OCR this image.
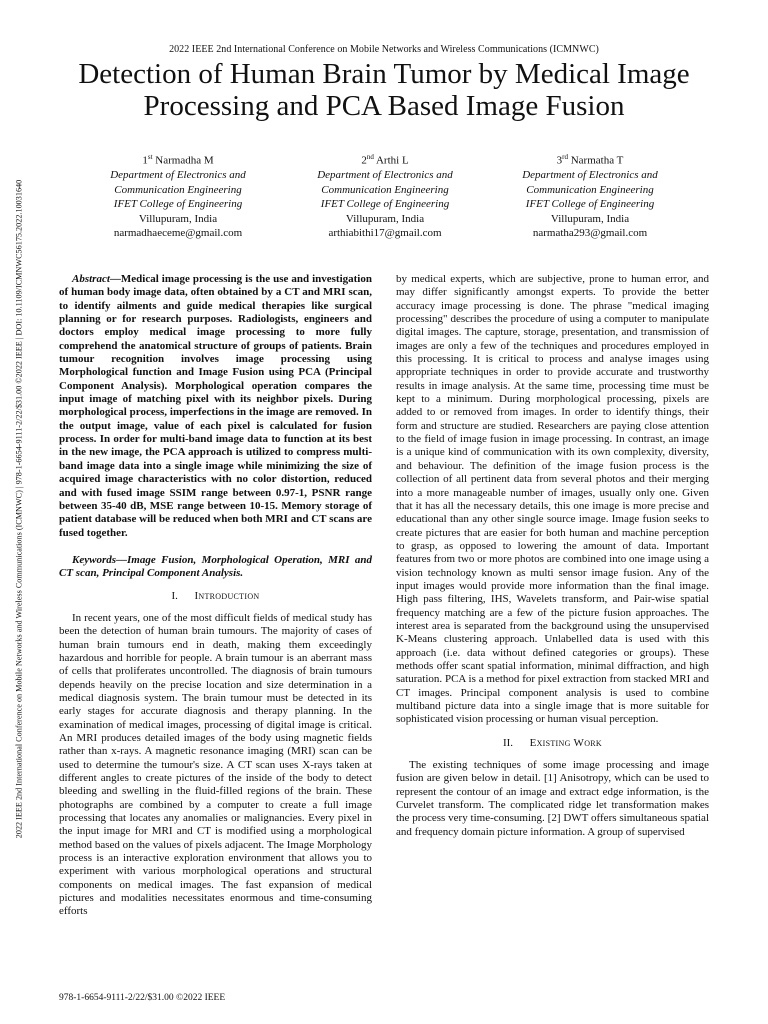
2022 IEEE 2nd International Conference on Mobile Networks and Wireless Communications (ICMNWC)
Detection of Human Brain Tumor by Medical Image Processing and PCA Based Image Fusion
2022 IEEE 2nd International Conference on Mobile Networks and Wireless Communications (ICMNWC) | 978-1-6654-9111-2/22/$31.00 ©2022 IEEE | DOI: 10.1109/ICMNWC56175.2022.10031640
1st Narmadha M
Department of Electronics and
Communication Engineering
IFET College of Engineering
Villupuram, India
narmadhaeceme@gmail.com
2nd Arthi L
Department of Electronics and
Communication Engineering
IFET College of Engineering
Villupuram, India
arthiabithi17@gmail.com
3rd Narmatha T
Department of Electronics and
Communication Engineering
IFET College of Engineering
Villupuram, India
narmatha293@gmail.com

Abstract—Medical image processing is the use and investigation of human body image data, often obtained by a CT and MRI scan, to identify ailments and guide medical therapies like surgical planning or for research purposes. Radiologists, engineers and doctors employ medical image processing to more fully comprehend the anatomical structure of groups of patients. Brain tumour recognition involves image processing using Morphological function and Image Fusion using PCA (Principal Component Analysis). Morphological operation compares the input image of matching pixel with its neighbor pixels. During morphological process, imperfections in the image are removed. In the output image, value of each pixel is calculated for fusion process. In order for multi-band image data to function at its best in the new image, the PCA approach is utilized to compress multi-band image data into a single image while minimizing the size of acquired image characteristics with no color distortion, reduced and with fused image SSIM range between 0.97-1, PSNR range between 35-40 dB, MSE range between 10-15. Memory storage of patient database will be reduced when both MRI and CT scans are fused together.

Keywords—Image Fusion, Morphological Operation, MRI and CT scan, Principal Component Analysis.

I. Introduction

In recent years, one of the most difficult fields of medical study has been the detection of human brain tumours. The majority of cases of human brain tumours end in death, making them exceedingly hazardous and horrible for people. A brain tumour is an aberrant mass of cells that proliferates uncontrolled. The diagnosis of brain tumours depends heavily on the precise location and size determination in a medical diagnosis system. The brain tumour must be detected in its early stages for accurate diagnosis and therapy planning. In the examination of medical images, processing of digital image is critical. An MRI produces detailed images of the body using magnetic fields rather than x-rays. A magnetic resonance imaging (MRI) scan can be used to determine the tumour's size. A CT scan uses X-rays taken at different angles to create pictures of the inside of the body to detect bleeding and swelling in the fluid-filled regions of the brain. These photographs are combined by a computer to create a full image processing that locates any anomalies or malignancies. Every pixel in the input image for MRI and CT is modified using a morphological method based on the values of pixels adjacent. The Image Morphology process is an interactive exploration environment that allows you to experiment with various morphological operations and structural components on medical images. The fast expansion of medical pictures and modalities necessitates enormous and time-consuming efforts

by medical experts, which are subjective, prone to human error, and may differ significantly amongst experts. To provide the better accuracy image processing is done. The phrase "medical imaging processing" describes the procedure of using a computer to manipulate digital images. The capture, storage, presentation, and transmission of images are only a few of the techniques and procedures employed in this processing. It is critical to process and analyse images using appropriate techniques in order to provide accurate and trustworthy results in image analysis. At the same time, processing time must be kept to a minimum. During morphological processing, pixels are added to or removed from images. In order to identify things, their form and structure are studied. Researchers are paying close attention to the field of image fusion in image processing. In contrast, an image is a unique kind of communication with its own complexity, diversity, and behaviour. The definition of the image fusion process is the collection of all pertinent data from several photos and their merging into a more manageable number of images, usually only one. Given that it has all the necessary details, this one image is more precise and educational than any other single source image. Image fusion seeks to create pictures that are easier for both human and machine perception to grasp, as opposed to lowering the amount of data. Important features from two or more photos are combined into one image using a vision technology known as multi sensor image fusion. Any of the input images would provide more information than the final image. High pass filtering, IHS, Wavelets transform, and Pair-wise spatial frequency matching are a few of the picture fusion approaches. The interest area is separated from the background using the unsupervised K-Means clustering approach. Unlabelled data is used with this approach (i.e. data without defined categories or groups). These methods offer scant spatial information, minimal diffraction, and high saturation. PCA is a method for pixel extraction from stacked MRI and CT images. Principal component analysis is used to combine multiband picture data into a single image that is more suitable for sophisticated vision processing or human visual perception.

II. Existing Work

The existing techniques of some image processing and image fusion are given below in detail. [1] Anisotropy, which can be used to represent the contour of an image and extract edge information, is the Curvelet transform. The complicated ridge let transformation makes the process very time-consuming. [2] DWT offers simultaneous spatial and frequency domain picture information. A group of supervised

978-1-6654-9111-2/22/$31.00 ©2022 IEEE
